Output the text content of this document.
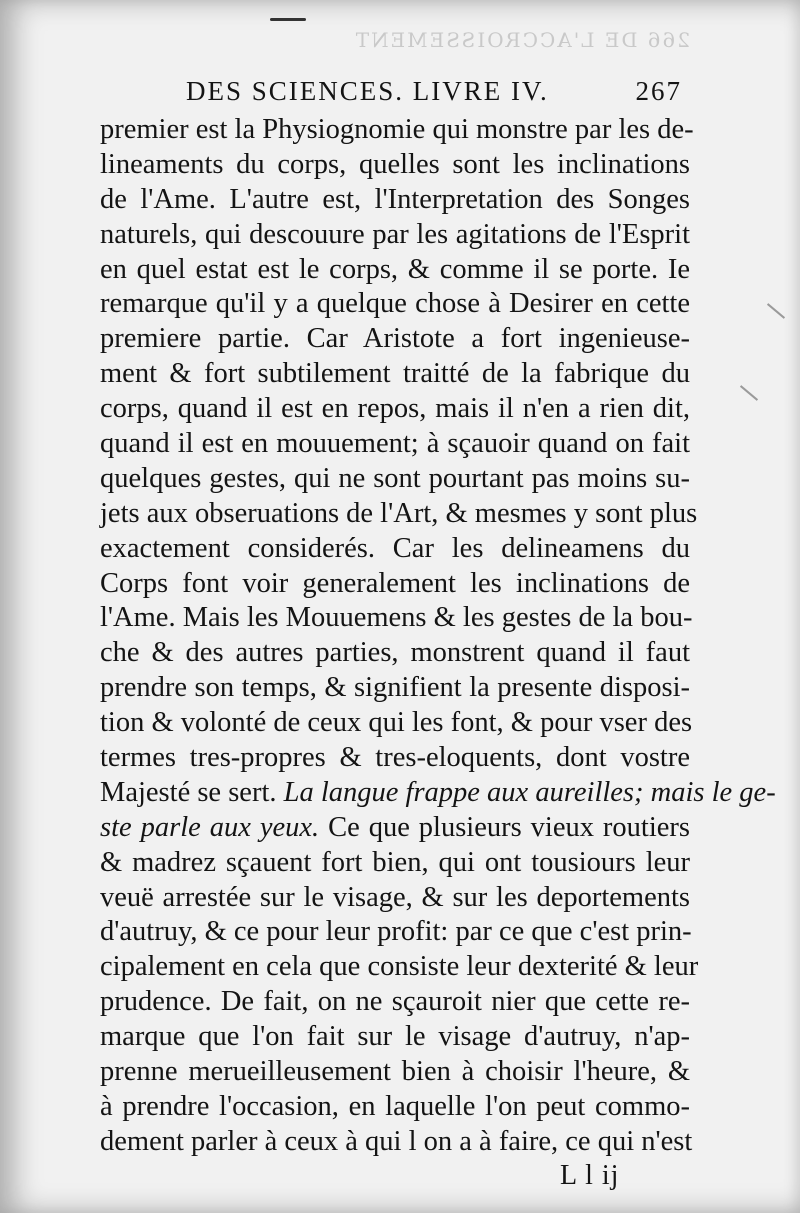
266 DE L'ACCROISSEMENT
DES SCIENCES. LIVRE IV.	267
premier est la Physiognomie qui monstre par les de-
lineaments du corps, quelles sont les inclinations
de l'Ame. L'autre est, l'Interpretation des Songes
naturels, qui descouure par les agitations de l'Esprit
en quel estat est le corps, & comme il se porte. Ie
remarque qu'il y a quelque chose à Desirer en cette
premiere partie. Car Aristote a fort ingenieuse-
ment & fort subtilement traitté de la fabrique du
corps, quand il est en repos, mais il n'en a rien dit,
quand il est en mouuement; à sçauoir quand on fait
quelques gestes, qui ne sont pourtant pas moins su-
jets aux obseruations de l'Art, & mesmes y sont plus
exactement considerés. Car les delineamens du
Corps font voir generalement les inclinations de
l'Ame. Mais les Mouuemens & les gestes de la bou-
che & des autres parties, monstrent quand il faut
prendre son temps, & signifient la presente disposi-
tion & volonté de ceux qui les font, & pour vser des
termes tres-propres & tres-eloquents, dont vostre
Majesté se sert. La langue frappe aux aureilles; mais le ge-
ste parle aux yeux. Ce que plusieurs vieux routiers
& madrez sçauent fort bien, qui ont tousiours leur
veuë arrestée sur le visage, & sur les deportements
d'autruy, & ce pour leur profit: par ce que c'est prin-
cipalement en cela que consiste leur dexterité & leur
prudence. De fait, on ne sçauroit nier que cette re-
marque que l'on fait sur le visage d'autruy, n'ap-
prenne merueilleusement bien à choisir l'heure, &
à prendre l'occasion, en laquelle l'on peut commo-
dement parler à ceux à qui l on a à faire, ce qui n'est
L l ij
